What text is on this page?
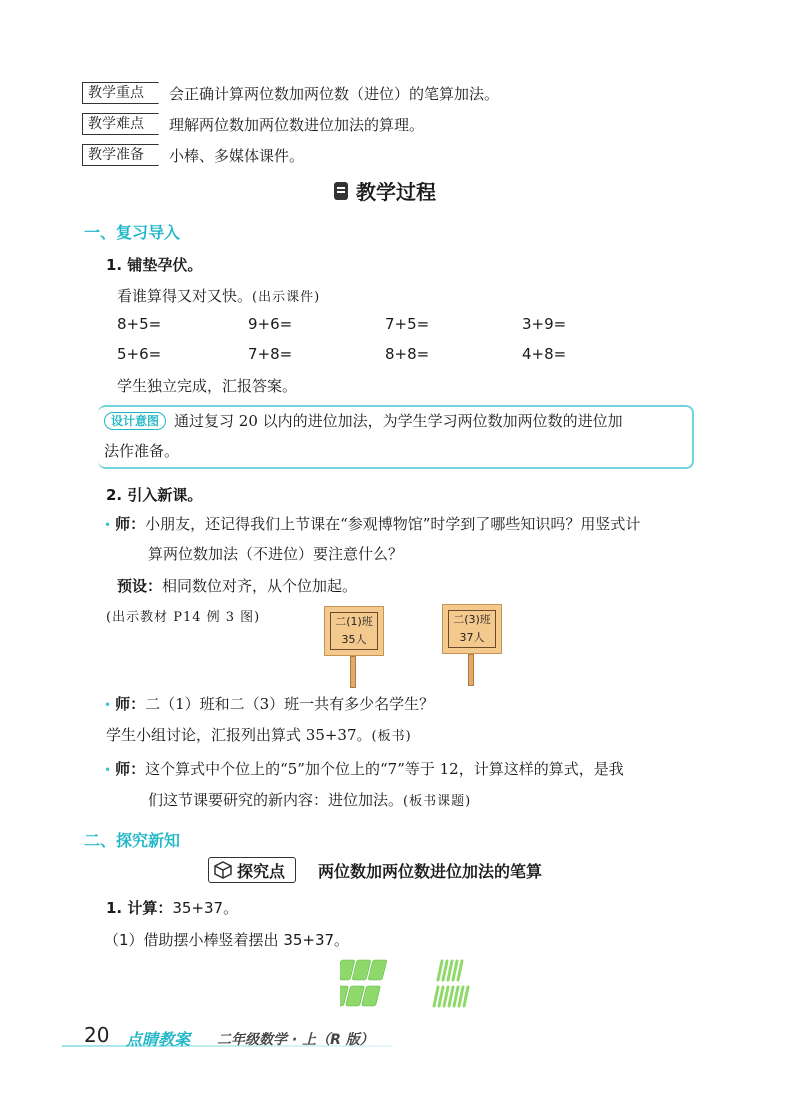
教学重点	会正确计算两位数加两位数（进位）的笔算加法。
教学难点	理解两位数加两位数进位加法的算理。
教学准备	小棒、多媒体课件。
教学过程
一、复习导入
1. 铺垫孕伏。
看谁算得又对又快。(出示课件)
8+5=	9+6=	7+5=	3+9=
5+6=	7+8=	8+8=	4+8=
学生独立完成，汇报答案。
设计意图	通过复习 20 以内的进位加法，为学生学习两位数加两位数的进位加
法作准备。
2. 引入新课。
• 师：小朋友，还记得我们上节课在“参观博物馆”时学到了哪些知识吗？用竖式计
算两位数加法（不进位）要注意什么？
预设：相同数位对齐，从个位加起。
(出示教材 P14 例 3 图)	二(1)班
35人
二(3)班
37人
• 师：二（1）班和二（3）班一共有多少名学生？
学生小组讨论，汇报列出算式 35+37。(板书)
• 师：这个算式中个位上的“5”加个位上的“7”等于 12，计算这样的算式，是我
们这节课要研究的新内容：进位加法。(板书课题)
二、探究新知
探究点 两位数加两位数进位加法的笔算
1. 计算：35+37。
（1）借助摆小棒竖着摆出 35+37。
20 点睛教案 二年级数学 · 上（R 版）
